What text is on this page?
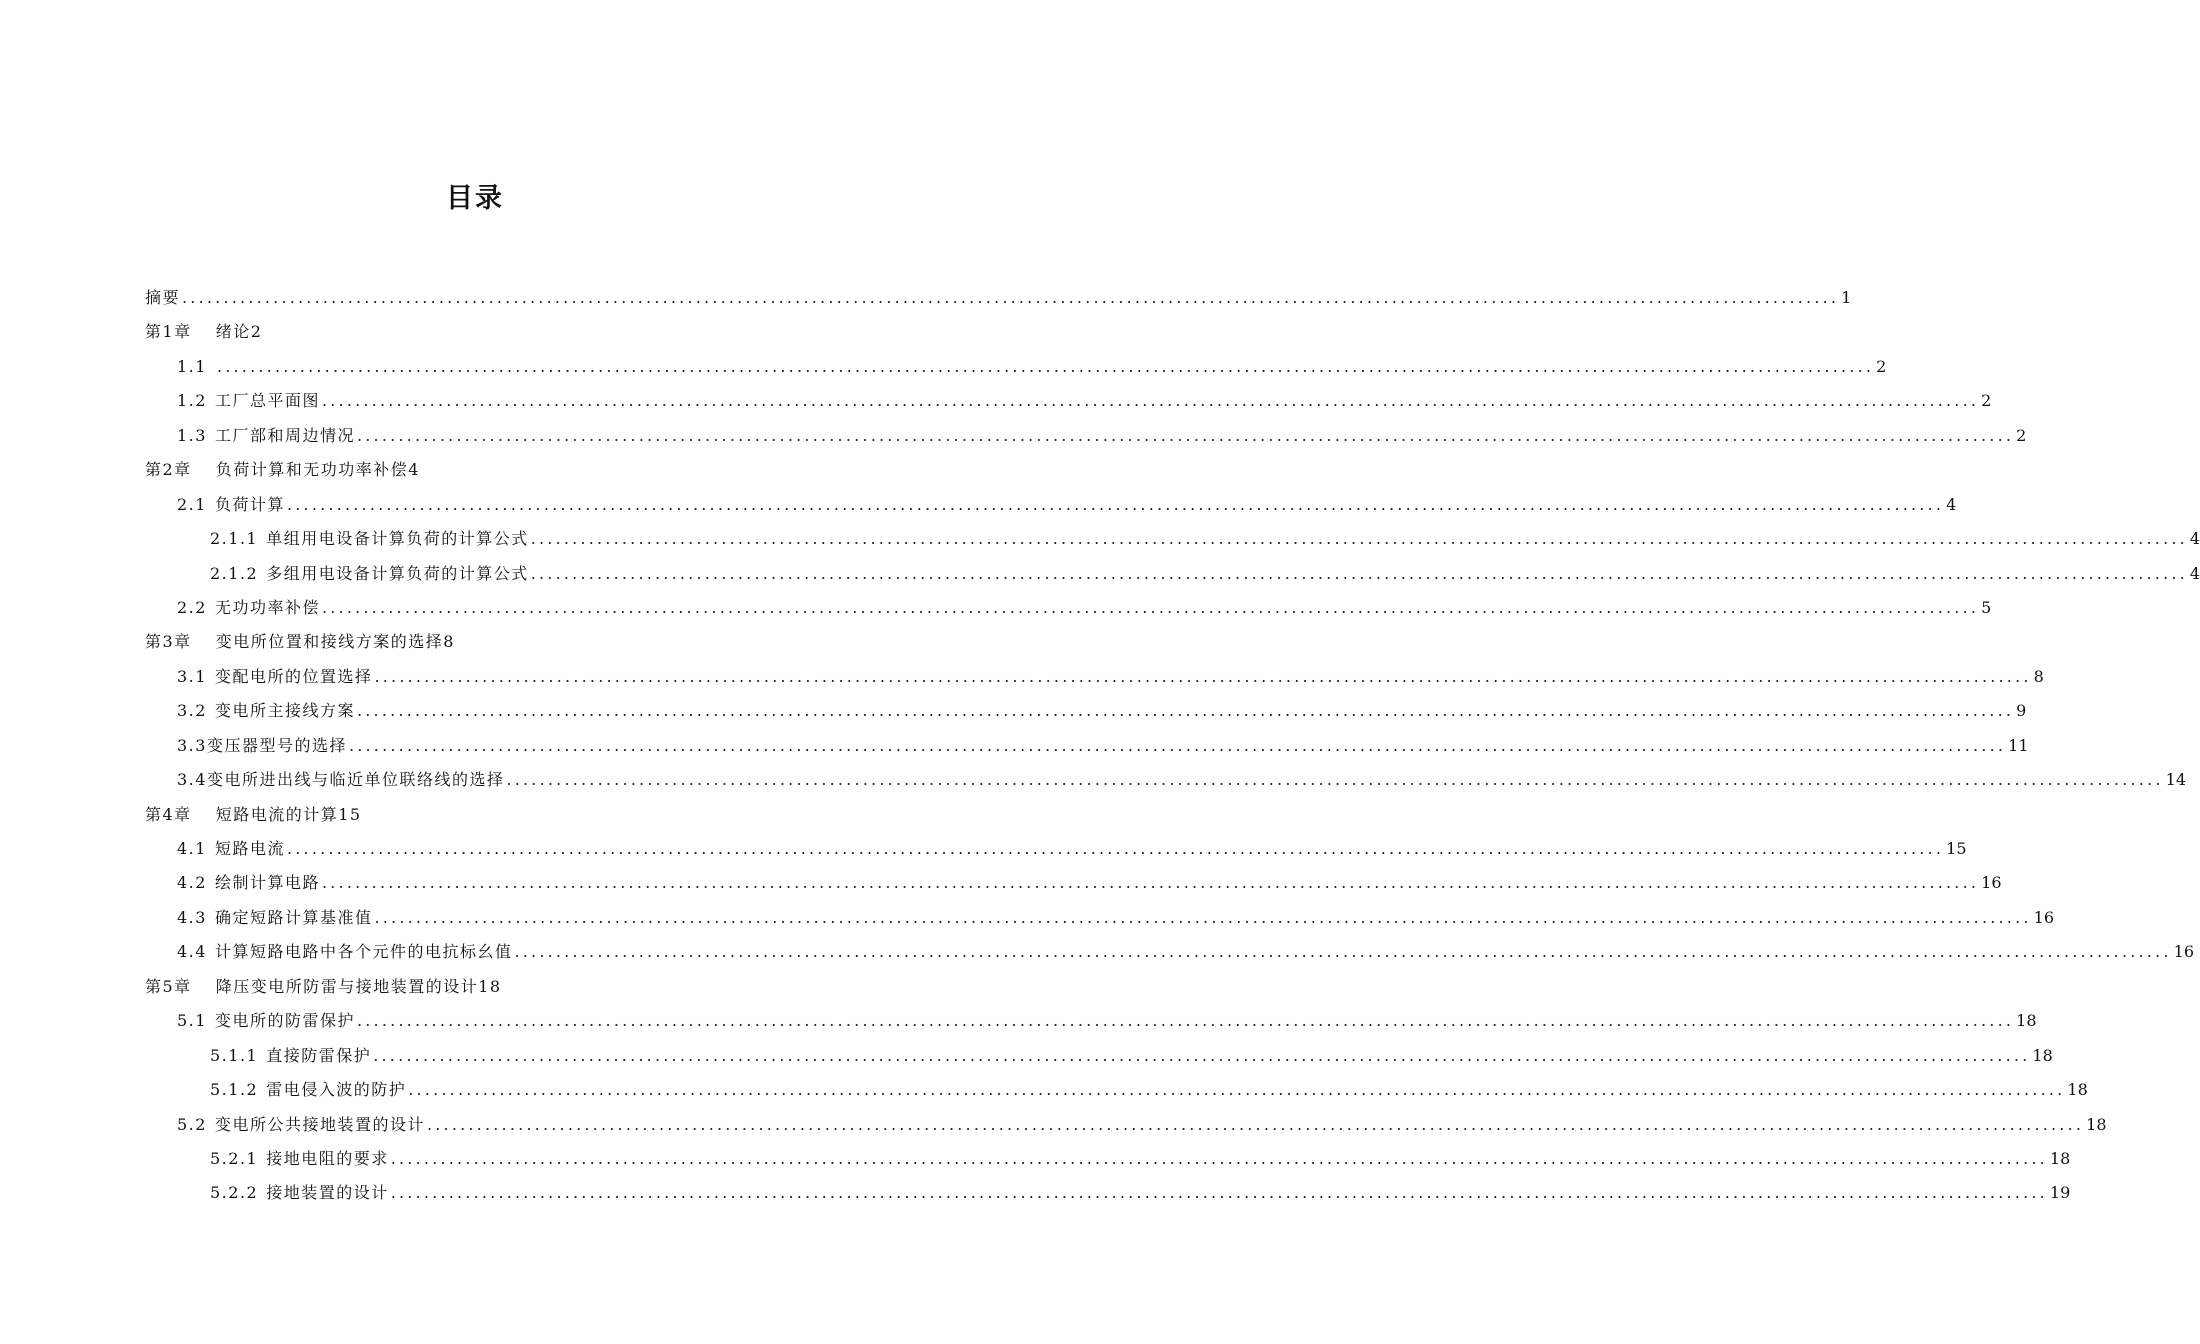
目录
摘要 ........................................................................................................................................................................................................ 1
第1章 绪论2
1.1 ........................................................................................................................................................................................................ 2
1.2 工厂总平面图 ........................................................................................................................................................................................................ 2
1.3 工厂部和周边情况 ........................................................................................................................................................................................................ 2
第2章 负荷计算和无功功率补偿4
2.1 负荷计算 ........................................................................................................................................................................................................ 4
2.1.1 单组用电设备计算负荷的计算公式 ........................................................................................................................................................................................................ 4
2.1.2 多组用电设备计算负荷的计算公式 ........................................................................................................................................................................................................ 4
2.2 无功功率补偿 ........................................................................................................................................................................................................ 5
第3章 变电所位置和接线方案的选择8
3.1 变配电所的位置选择 ........................................................................................................................................................................................................ 8
3.2 变电所主接线方案 ........................................................................................................................................................................................................ 9
3.3变压器型号的选择 ........................................................................................................................................................................................................ 11
3.4变电所进出线与临近单位联络线的选择 ........................................................................................................................................................................................................ 14
第4章 短路电流的计算15
4.1 短路电流 ........................................................................................................................................................................................................ 15
4.2 绘制计算电路 ........................................................................................................................................................................................................ 16
4.3 确定短路计算基准值 ........................................................................................................................................................................................................ 16
4.4 计算短路电路中各个元件的电抗标幺值 ........................................................................................................................................................................................................ 16
第5章 降压变电所防雷与接地装置的设计18
5.1 变电所的防雷保护 ........................................................................................................................................................................................................ 18
5.1.1 直接防雷保护 ........................................................................................................................................................................................................ 18
5.1.2 雷电侵入波的防护 ........................................................................................................................................................................................................ 18
5.2 变电所公共接地装置的设计 ........................................................................................................................................................................................................ 18
5.2.1 接地电阻的要求 ........................................................................................................................................................................................................ 18
5.2.2 接地装置的设计 ........................................................................................................................................................................................................ 19
